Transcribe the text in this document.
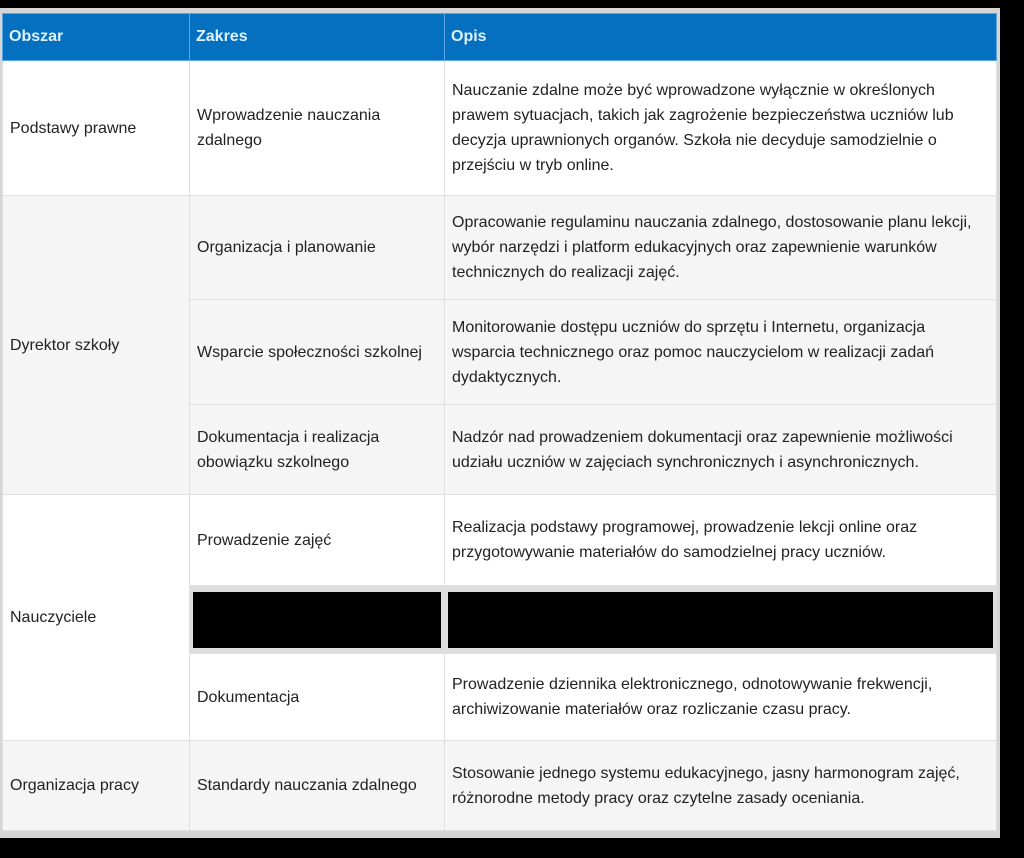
Obszar	Zakres	Opis
Podstawy prawne	Wprowadzenie nauczania zdalnego	Nauczanie zdalne może być wprowadzone wyłącznie w określonych prawem sytuacjach, takich jak zagrożenie bezpieczeństwa uczniów lub decyzja uprawnionych organów. Szkoła nie decyduje samodzielnie o przejściu w tryb online.
Dyrektor szkoły	Organizacja i planowanie	Opracowanie regulaminu nauczania zdalnego, dostosowanie planu lekcji, wybór narzędzi i platform edukacyjnych oraz zapewnienie warunków technicznych do realizacji zajęć.
	Wsparcie społeczności szkolnej	Monitorowanie dostępu uczniów do sprzętu i Internetu, organizacja wsparcia technicznego oraz pomoc nauczycielom w realizacji zadań dydaktycznych.
	Dokumentacja i realizacja obowiązku szkolnego	Nadzór nad prowadzeniem dokumentacji oraz zapewnienie możliwości udziału uczniów w zajęciach synchronicznych i asynchronicznych.
Nauczyciele	Prowadzenie zajęć	Realizacja podstawy programowej, prowadzenie lekcji online oraz przygotowywanie materiałów do samodzielnej pracy uczniów.

	Dokumentacja	Prowadzenie dziennika elektronicznego, odnotowywanie frekwencji, archiwizowanie materiałów oraz rozliczanie czasu pracy.
Organizacja pracy	Standardy nauczania zdalnego	Stosowanie jednego systemu edukacyjnego, jasny harmonogram zajęć, różnorodne metody pracy oraz czytelne zasady oceniania.
